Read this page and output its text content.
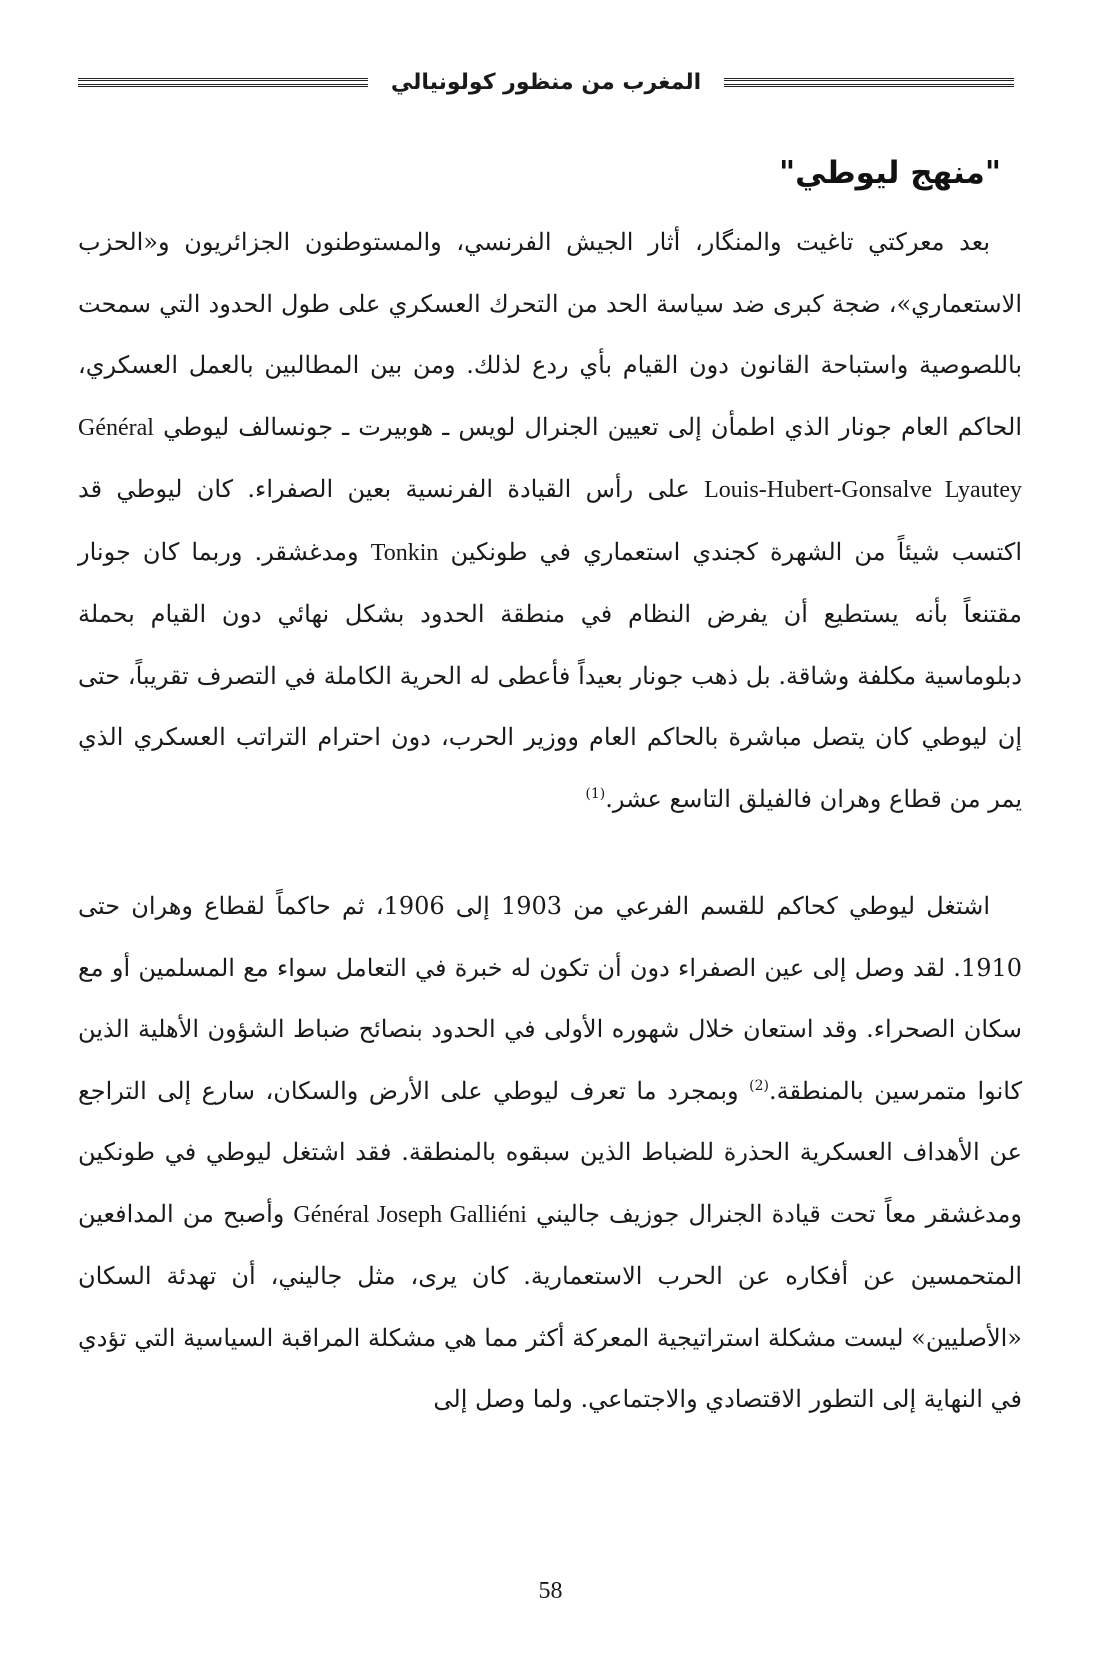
المغرب من منظور كولونيالي
"منهج ليوطي"
بعد معركتي تاغيت والمنگار، أثار الجيش الفرنسي، والمستوطنون الجزائريون و«الحزب الاستعماري»، ضجة كبرى ضد سياسة الحد من التحرك العسكري على طول الحدود التي سمحت باللصوصية واستباحة القانون دون القيام بأي ردع لذلك. ومن بين المطالبين بالعمل العسكري، الحاكم العام جونار الذي اطمأن إلى تعيين الجنرال لويس ـ هوبيرت ـ جونسالف ليوطي Général Louis-Hubert-Gonsalve Lyautey على رأس القيادة الفرنسية بعين الصفراء. كان ليوطي قد اكتسب شيئاً من الشهرة كجندي استعماري في طونكين Tonkin ومدغشقر. وربما كان جونار مقتنعاً بأنه يستطيع أن يفرض النظام في منطقة الحدود بشكل نهائي دون القيام بحملة دبلوماسية مكلفة وشاقة. بل ذهب جونار بعيداً فأعطى له الحرية الكاملة في التصرف تقريباً، حتى إن ليوطي كان يتصل مباشرة بالحاكم العام ووزير الحرب، دون احترام التراتب العسكري الذي يمر من قطاع وهران فالفيلق التاسع عشر.$^{(1)}$
اشتغل ليوطي كحاكم للقسم الفرعي من 1903 إلى 1906، ثم حاكماً لقطاع وهران حتى 1910. لقد وصل إلى عين الصفراء دون أن تكون له خبرة في التعامل سواء مع المسلمين أو مع سكان الصحراء. وقد استعان خلال شهوره الأولى في الحدود بنصائح ضباط الشؤون الأهلية الذين كانوا متمرسين بالمنطقة.$^{(2)}$ وبمجرد ما تعرف ليوطي على الأرض والسكان، سارع إلى التراجع عن الأهداف العسكرية الحذرة للضباط الذين سبقوه بالمنطقة. فقد اشتغل ليوطي في طونكين ومدغشقر معاً تحت قيادة الجنرال جوزيف جاليني Général Joseph Galliéni وأصبح من المدافعين المتحمسين عن أفكاره عن الحرب الاستعمارية. كان يرى، مثل جاليني، أن تهدئة السكان «الأصليين» ليست مشكلة استراتيجية المعركة أكثر مما هي مشكلة المراقبة السياسية التي تؤدي في النهاية إلى التطور الاقتصادي والاجتماعي. ولما وصل إلى
58
